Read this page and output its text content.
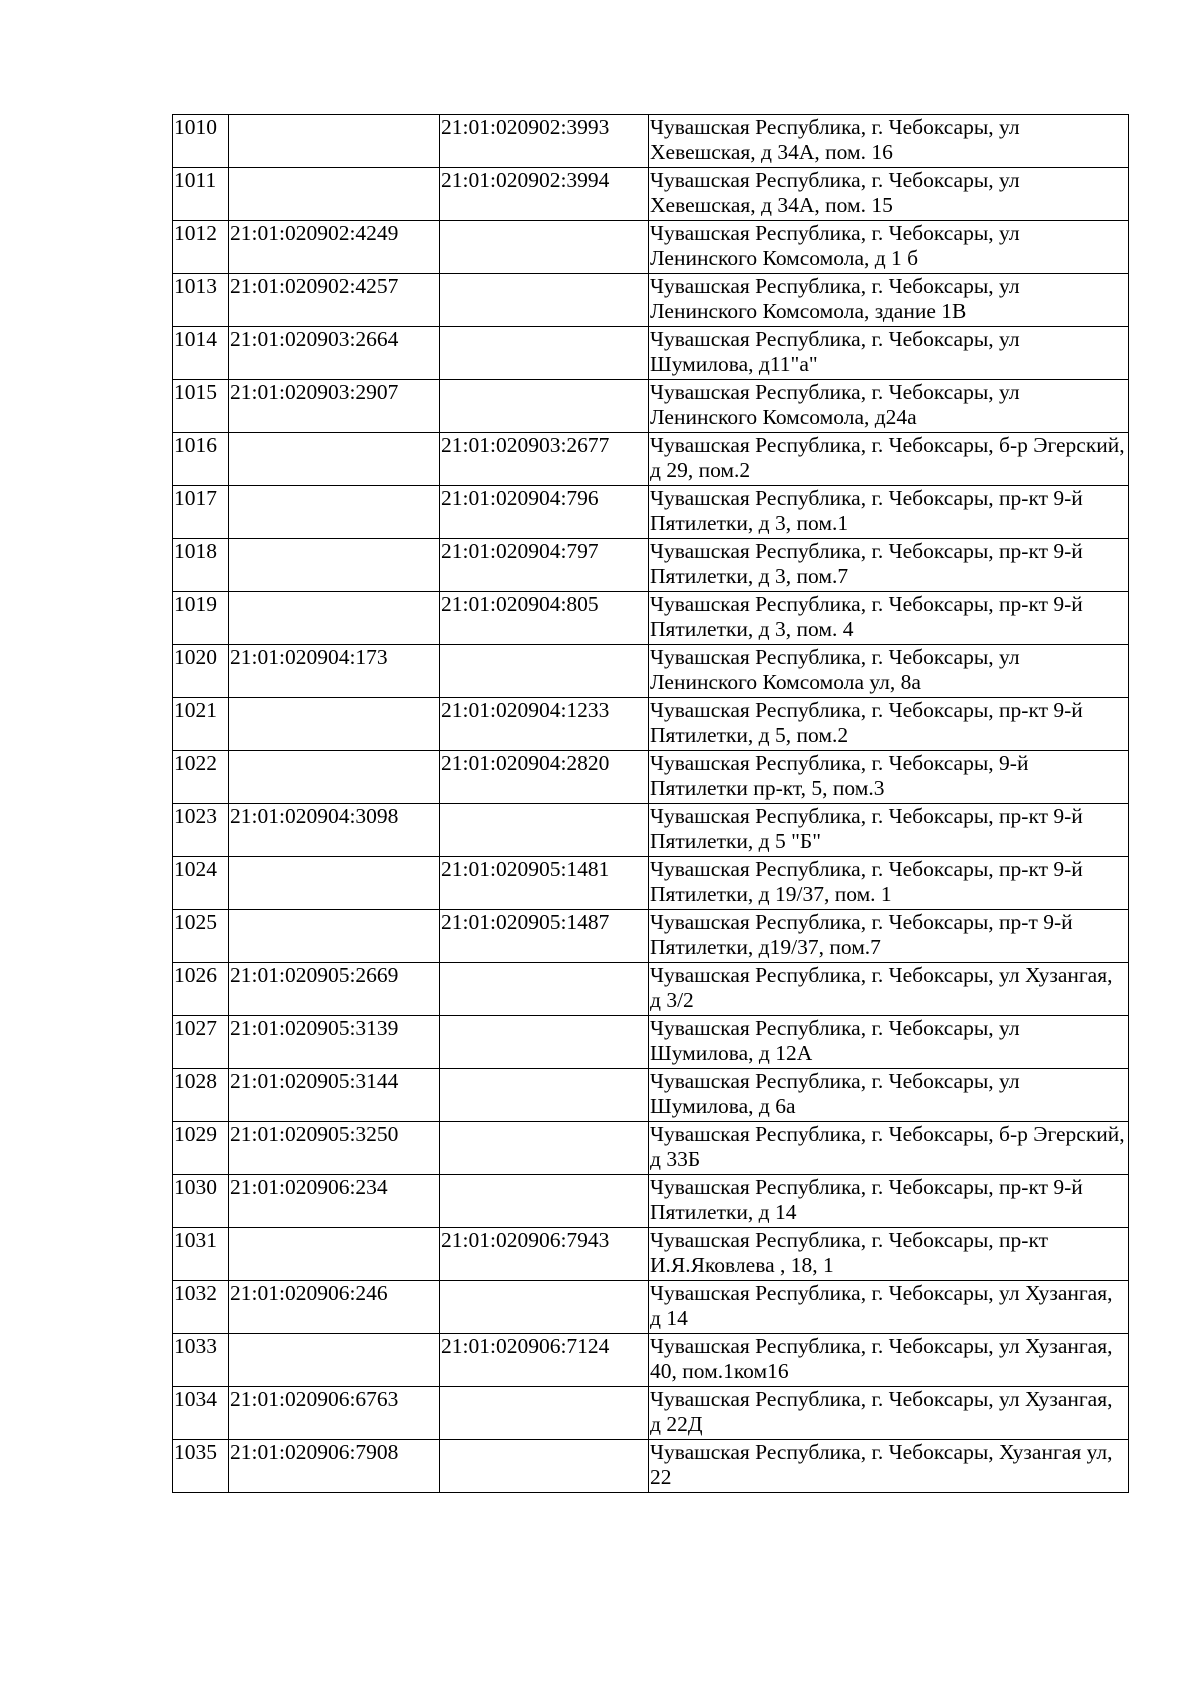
1010		21:01:020902:3993	Чувашская Республика, г. Чебоксары, ул Хевешская, д 34А, пом. 16
1011		21:01:020902:3994	Чувашская Республика, г. Чебоксары, ул Хевешская, д 34А, пом. 15
1012	21:01:020902:4249		Чувашская Республика, г. Чебоксары, ул Ленинского Комсомола, д 1 б
1013	21:01:020902:4257		Чувашская Республика, г. Чебоксары, ул Ленинского Комсомола, здание 1В
1014	21:01:020903:2664		Чувашская Республика, г. Чебоксары, ул Шумилова, д11"а"
1015	21:01:020903:2907		Чувашская Республика, г. Чебоксары, ул Ленинского Комсомола, д24а
1016		21:01:020903:2677	Чувашская Республика, г. Чебоксары, б-р Эгерский, д 29, пом.2
1017		21:01:020904:796	Чувашская Республика, г. Чебоксары, пр-кт 9-й Пятилетки, д 3, пом.1
1018		21:01:020904:797	Чувашская Республика, г. Чебоксары, пр-кт 9-й Пятилетки, д 3, пом.7
1019		21:01:020904:805	Чувашская Республика, г. Чебоксары, пр-кт 9-й Пятилетки, д 3, пом. 4
1020	21:01:020904:173		Чувашская Республика, г. Чебоксары, ул Ленинского Комсомола ул, 8а
1021		21:01:020904:1233	Чувашская Республика, г. Чебоксары, пр-кт 9-й Пятилетки, д 5, пом.2
1022		21:01:020904:2820	Чувашская Республика, г. Чебоксары, 9-й Пятилетки пр-кт, 5, пом.3
1023	21:01:020904:3098		Чувашская Республика, г. Чебоксары, пр-кт 9-й Пятилетки, д 5 "Б"
1024		21:01:020905:1481	Чувашская Республика, г. Чебоксары, пр-кт 9-й Пятилетки, д 19/37, пом. 1
1025		21:01:020905:1487	Чувашская Республика, г. Чебоксары, пр-т 9-й Пятилетки, д19/37, пом.7
1026	21:01:020905:2669		Чувашская Республика, г. Чебоксары, ул Хузангая, д 3/2
1027	21:01:020905:3139		Чувашская Республика, г. Чебоксары, ул Шумилова, д 12А
1028	21:01:020905:3144		Чувашская Республика, г. Чебоксары, ул Шумилова, д 6а
1029	21:01:020905:3250		Чувашская Республика, г. Чебоксары, б-р Эгерский, д 33Б
1030	21:01:020906:234		Чувашская Республика, г. Чебоксары, пр-кт 9-й Пятилетки, д 14
1031		21:01:020906:7943	Чувашская Республика, г. Чебоксары, пр-кт И.Я.Яковлева , 18, 1
1032	21:01:020906:246		Чувашская Республика, г. Чебоксары, ул Хузангая, д 14
1033		21:01:020906:7124	Чувашская Республика, г. Чебоксары, ул Хузангая, 40, пом.1ком16
1034	21:01:020906:6763		Чувашская Республика, г. Чебоксары, ул Хузангая, д 22Д
1035	21:01:020906:7908		Чувашская Республика, г. Чебоксары, Хузангая ул, 22
